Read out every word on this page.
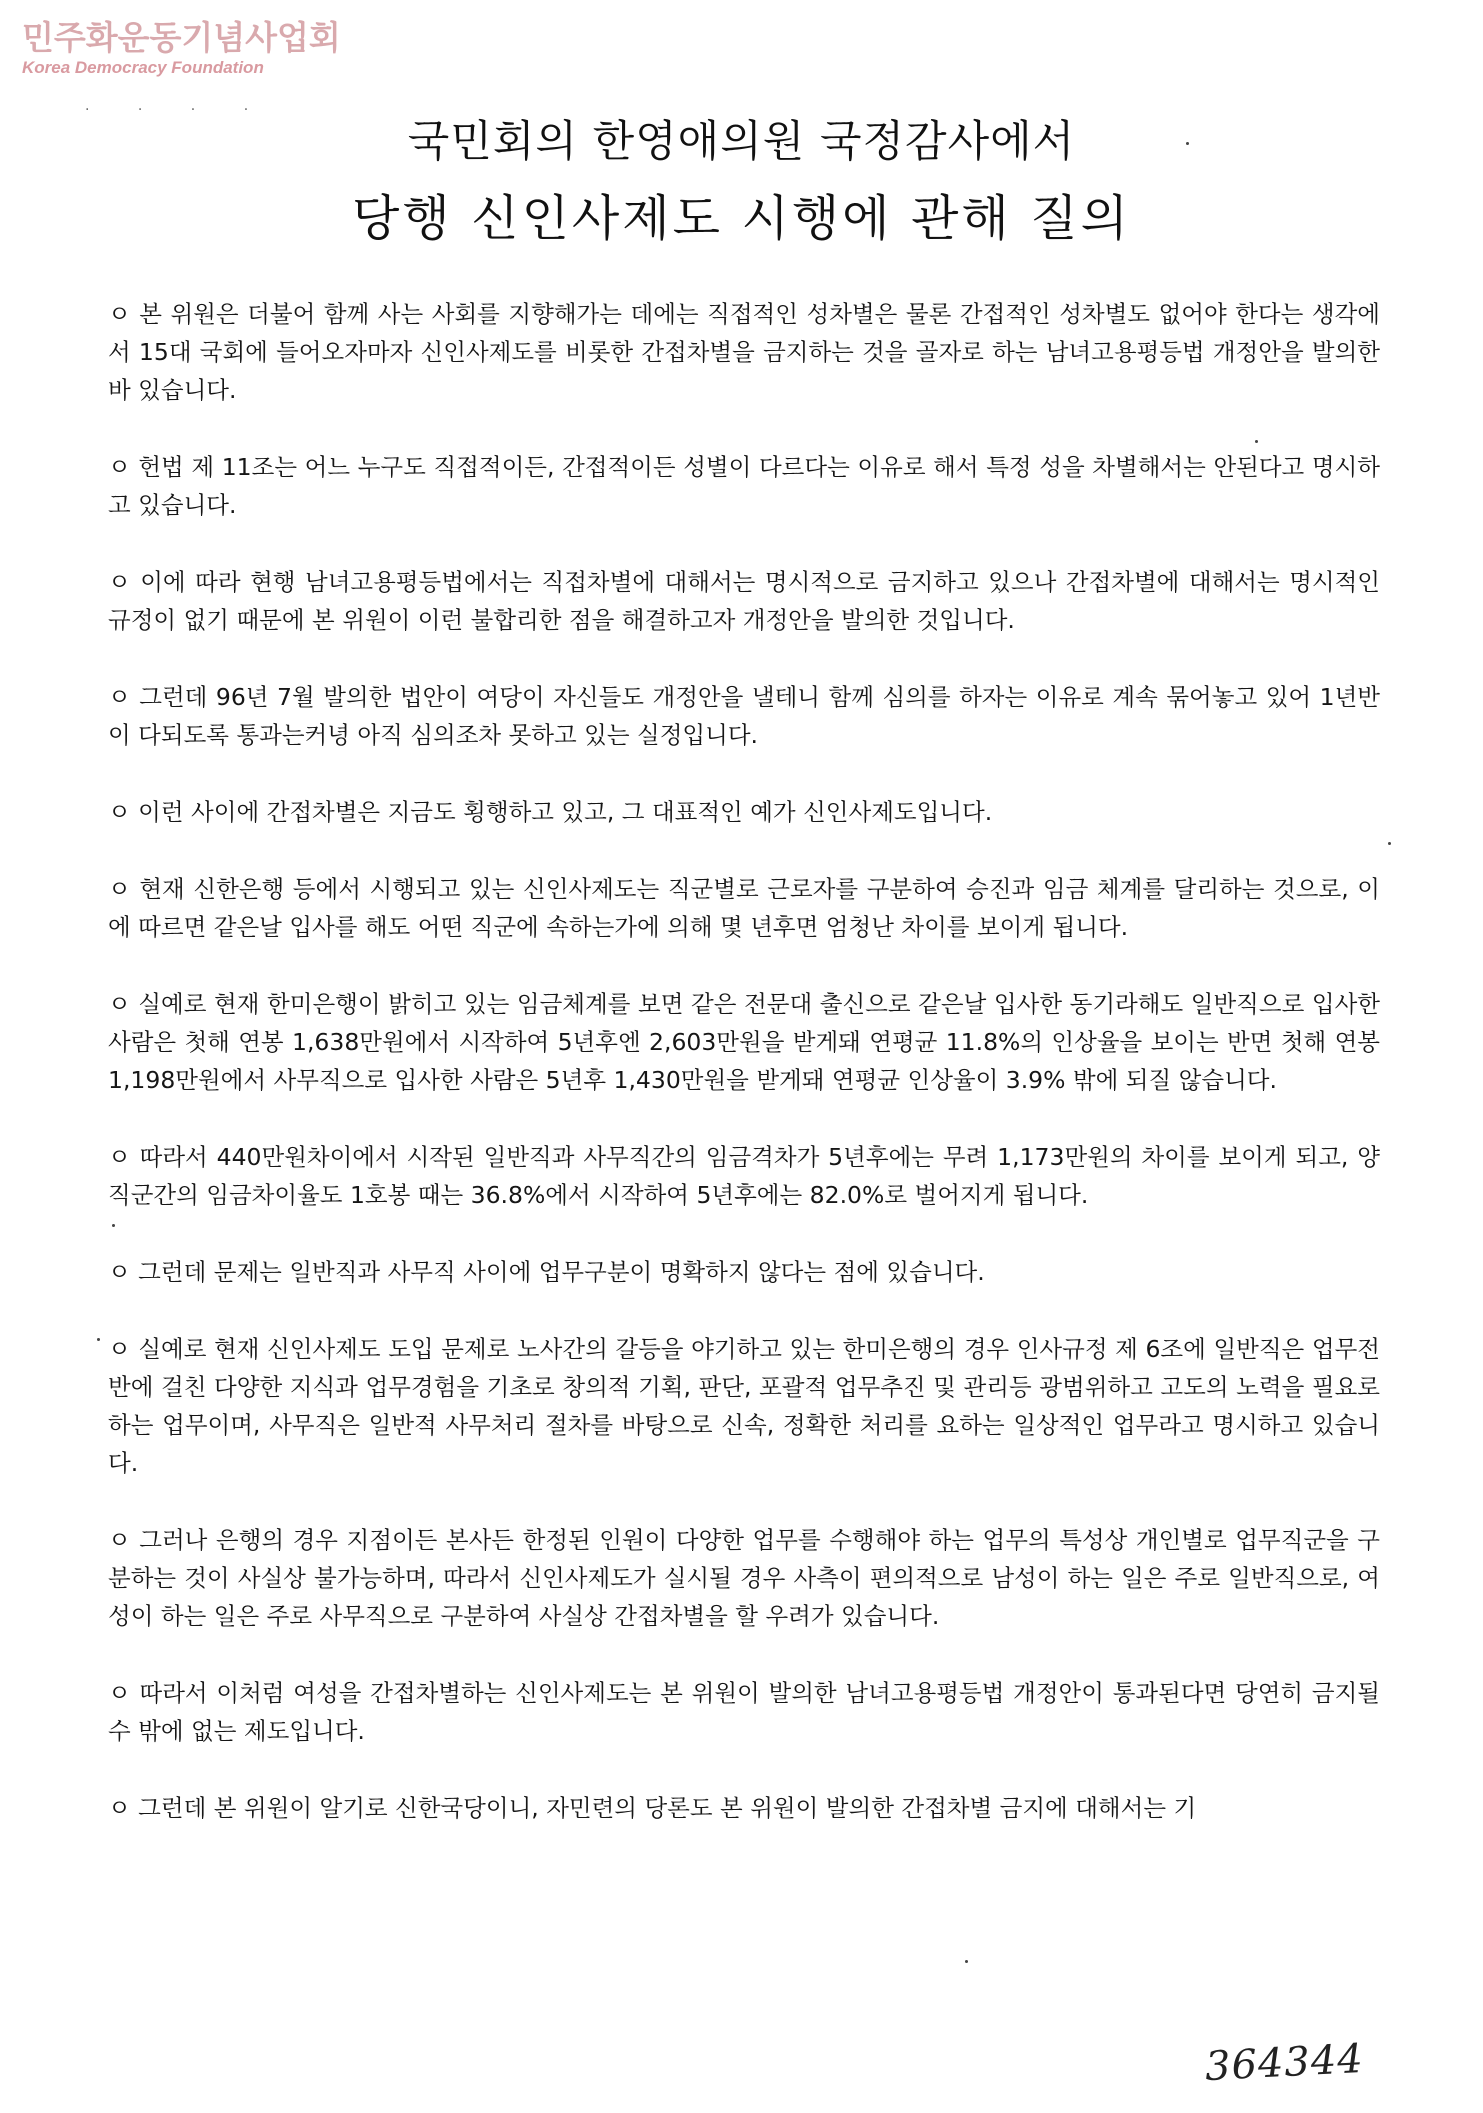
민주화운동기념사업회
Korea Democracy Foundation
. . . .
국민회의 한영애의원 국정감사에서
당행 신인사제도 시행에 관해 질의

ㅇ 본 위원은 더불어 함께 사는 사회를 지향해가는 데에는 직접적인 성차별은 물론 간접적인 성차별도 없어야 한다는 생각에서 15대 국회에 들어오자마자 신인사제도를 비롯한 간접차별을 금지하는 것을 골자로 하는 남녀고용평등법 개정안을 발의한 바 있습니다.

ㅇ 헌법 제 11조는 어느 누구도 직접적이든, 간접적이든 성별이 다르다는 이유로 해서 특정 성을 차별해서는 안된다고 명시하고 있습니다.

ㅇ 이에 따라 현행 남녀고용평등법에서는 직접차별에 대해서는 명시적으로 금지하고 있으나 간접차별에 대해서는 명시적인 규정이 없기 때문에 본 위원이 이런 불합리한 점을 해결하고자 개정안을 발의한 것입니다.

ㅇ 그런데 96년 7월 발의한 법안이 여당이 자신들도 개정안을 낼테니 함께 심의를 하자는 이유로 계속 묶어놓고 있어 1년반이 다되도록 통과는커녕 아직 심의조차 못하고 있는 실정입니다.

ㅇ 이런 사이에 간접차별은 지금도 횡행하고 있고, 그 대표적인 예가 신인사제도입니다.

ㅇ 현재 신한은행 등에서 시행되고 있는 신인사제도는 직군별로 근로자를 구분하여 승진과 임금 체계를 달리하는 것으로, 이에 따르면 같은날 입사를 해도 어떤 직군에 속하는가에 의해 몇 년후면 엄청난 차이를 보이게 됩니다.

ㅇ 실예로 현재 한미은행이 밝히고 있는 임금체계를 보면 같은 전문대 출신으로 같은날 입사한 동기라해도 일반직으로 입사한 사람은 첫해 연봉 1,638만원에서 시작하여 5년후엔 2,603만원을 받게돼 연평균 11.8%의 인상율을 보이는 반면 첫해 연봉 1,198만원에서 사무직으로 입사한 사람은 5년후 1,430만원을 받게돼 연평균 인상율이 3.9% 밖에 되질 않습니다.

ㅇ 따라서 440만원차이에서 시작된 일반직과 사무직간의 임금격차가 5년후에는 무려 1,173만원의 차이를 보이게 되고, 양 직군간의 임금차이율도 1호봉 때는 36.8%에서 시작하여 5년후에는 82.0%로 벌어지게 됩니다.

ㅇ 그런데 문제는 일반직과 사무직 사이에 업무구분이 명확하지 않다는 점에 있습니다.

ㅇ 실예로 현재 신인사제도 도입 문제로 노사간의 갈등을 야기하고 있는 한미은행의 경우 인사규정 제 6조에 일반직은 업무전반에 걸친 다양한 지식과 업무경험을 기초로 창의적 기획, 판단, 포괄적 업무추진 및 관리등 광범위하고 고도의 노력을 필요로하는 업무이며, 사무직은 일반적 사무처리 절차를 바탕으로 신속, 정확한 처리를 요하는 일상적인 업무라고 명시하고 있습니다.

ㅇ 그러나 은행의 경우 지점이든 본사든 한정된 인원이 다양한 업무를 수행해야 하는 업무의 특성상 개인별로 업무직군을 구분하는 것이 사실상 불가능하며, 따라서 신인사제도가 실시될 경우 사측이 편의적으로 남성이 하는 일은 주로 일반직으로, 여성이 하는 일은 주로 사무직으로 구분하여 사실상 간접차별을 할 우려가 있습니다.

ㅇ 따라서 이처럼 여성을 간접차별하는 신인사제도는 본 위원이 발의한 남녀고용평등법 개정안이 통과된다면 당연히 금지될 수 밖에 없는 제도입니다.

ㅇ 그런데 본 위원이 알기로 신한국당이니, 자민련의 당론도 본 위원이 발의한 간접차별 금지에 대해서는 기

364344
